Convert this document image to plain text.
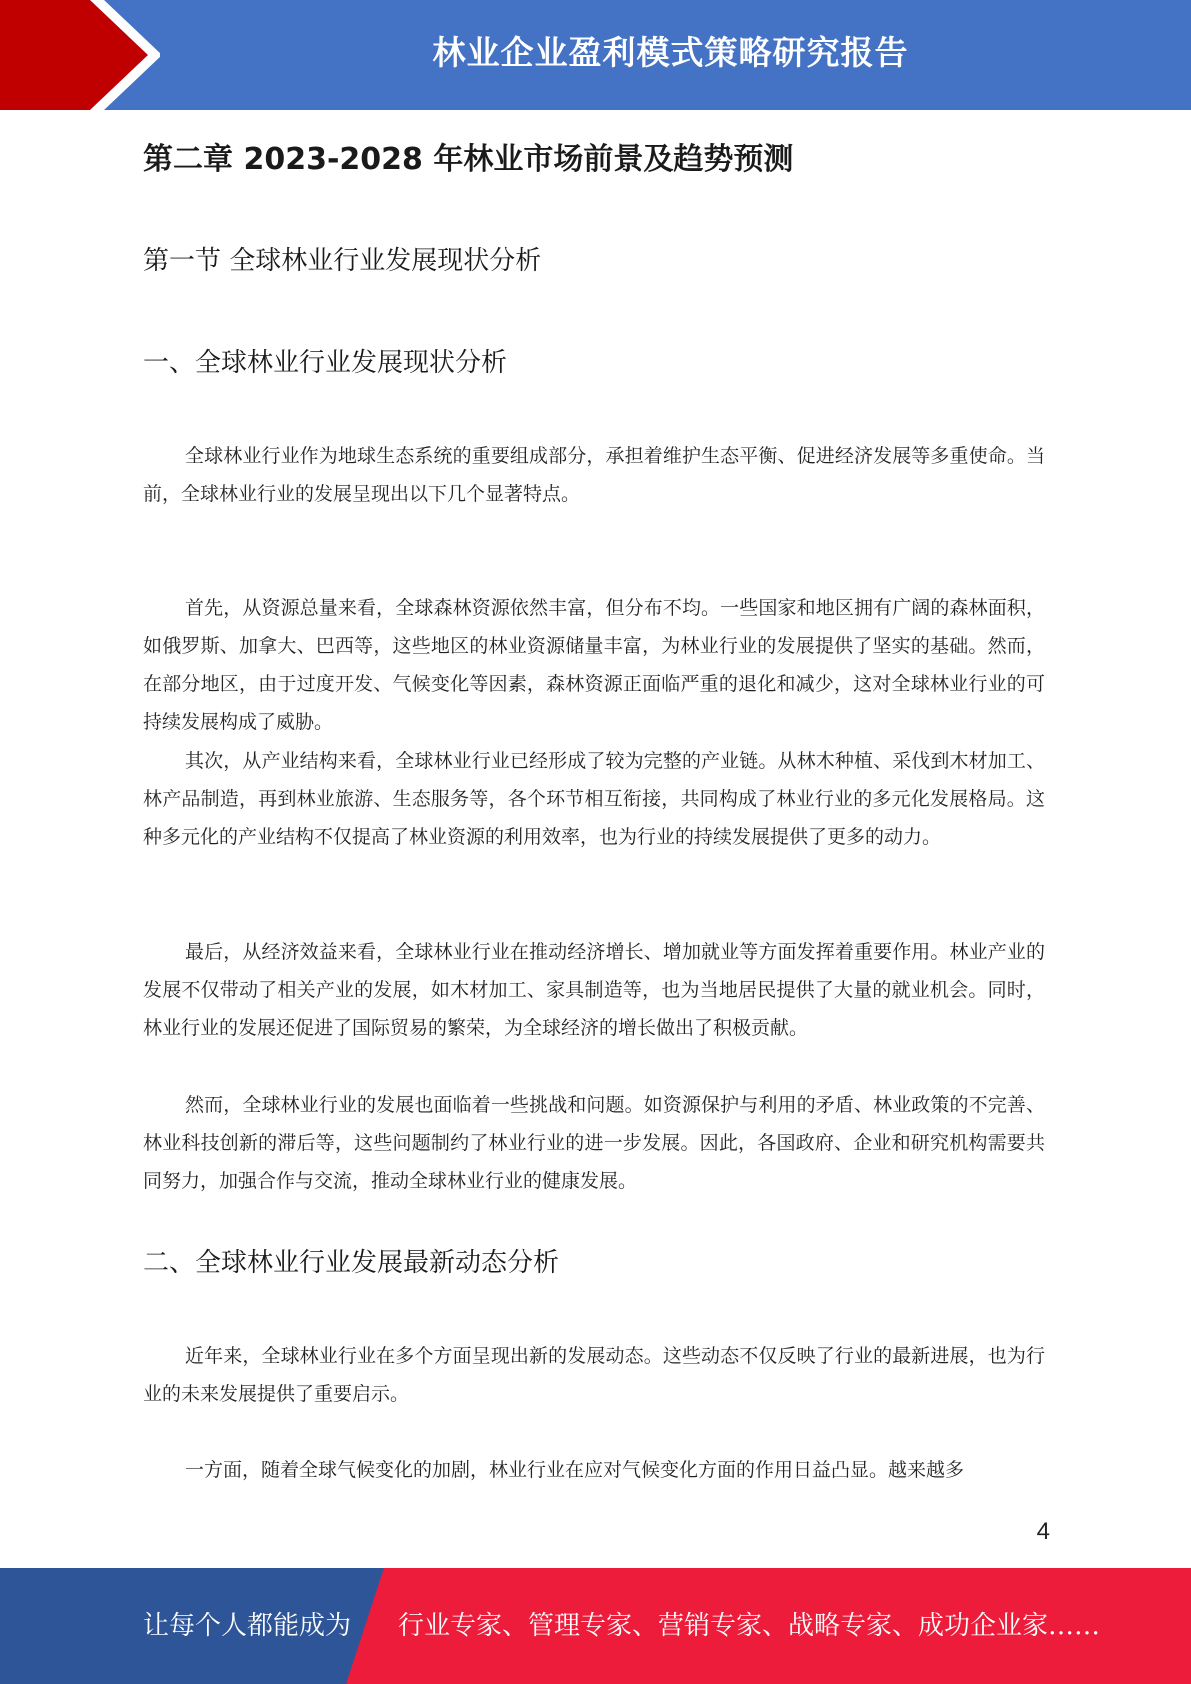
林业企业盈利模式策略研究报告
第二章 2023-2028 年林业市场前景及趋势预测
第一节 全球林业行业发展现状分析
一、全球林业行业发展现状分析

全球林业行业作为地球生态系统的重要组成部分，承担着维护生态平衡、促进经济发展等多重使命。当前，全球林业行业的发展呈现出以下几个显著特点。

首先，从资源总量来看，全球森林资源依然丰富，但分布不均。一些国家和地区拥有广阔的森林面积，如俄罗斯、加拿大、巴西等，这些地区的林业资源储量丰富，为林业行业的发展提供了坚实的基础。然而，在部分地区，由于过度开发、气候变化等因素，森林资源正面临严重的退化和减少，这对全球林业行业的可持续发展构成了威胁。

其次，从产业结构来看，全球林业行业已经形成了较为完整的产业链。从林木种植、采伐到木材加工、林产品制造，再到林业旅游、生态服务等，各个环节相互衔接，共同构成了林业行业的多元化发展格局。这种多元化的产业结构不仅提高了林业资源的利用效率，也为行业的持续发展提供了更多的动力。

最后，从经济效益来看，全球林业行业在推动经济增长、增加就业等方面发挥着重要作用。林业产业的发展不仅带动了相关产业的发展，如木材加工、家具制造等，也为当地居民提供了大量的就业机会。同时，林业行业的发展还促进了国际贸易的繁荣，为全球经济的增长做出了积极贡献。

然而，全球林业行业的发展也面临着一些挑战和问题。如资源保护与利用的矛盾、林业政策的不完善、林业科技创新的滞后等，这些问题制约了林业行业的进一步发展。因此，各国政府、企业和研究机构需要共同努力，加强合作与交流，推动全球林业行业的健康发展。

二、全球林业行业发展最新动态分析

近年来，全球林业行业在多个方面呈现出新的发展动态。这些动态不仅反映了行业的最新进展，也为行业的未来发展提供了重要启示。

一方面，随着全球气候变化的加剧，林业行业在应对气候变化方面的作用日益凸显。越来越多

4
让每个人都能成为 行业专家、管理专家、营销专家、战略专家、成功企业家……
